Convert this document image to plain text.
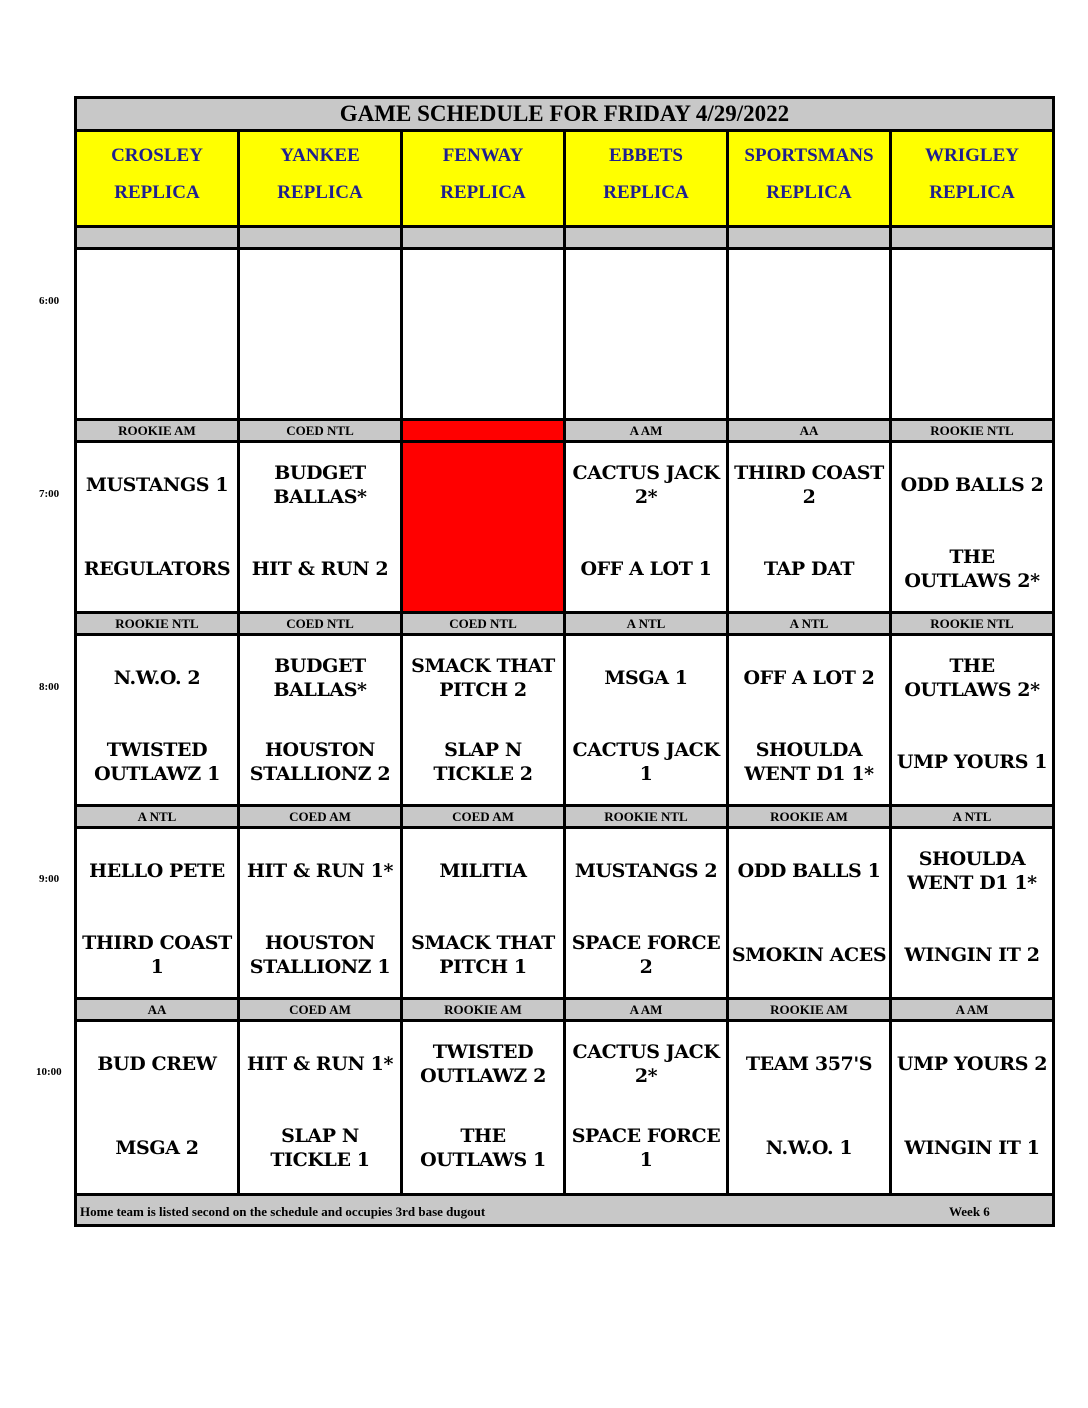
GAME SCHEDULE FOR FRIDAY 4/29/2022
CROSLEY
REPLICA
ROOKIE AM
MUSTANGS 1
REGULATORS
ROOKIE NTL
N.W.O. 2
TWISTED OUTLAWZ 1
A NTL
HELLO PETE
THIRD COAST 1
AA
BUD CREW
MSGA 2
YANKEE
REPLICA
COED NTL
BUDGET BALLAS*
HIT & RUN 2
COED NTL
BUDGET BALLAS*
HOUSTON STALLIONZ 2
COED AM
HIT & RUN 1*
HOUSTON STALLIONZ 1
COED AM
HIT & RUN 1*
SLAP N TICKLE 1
FENWAY
REPLICA
COED NTL
SMACK THAT PITCH 2
SLAP N TICKLE 2
COED AM
MILITIA
SMACK THAT PITCH 1
ROOKIE AM
TWISTED OUTLAWZ 2
THE OUTLAWS 1
EBBETS
REPLICA
A AM
CACTUS JACK 2*
OFF A LOT 1
A NTL
MSGA 1
CACTUS JACK 1
ROOKIE NTL
MUSTANGS 2
SPACE FORCE 2
A AM
CACTUS JACK 2*
SPACE FORCE 1
SPORTSMANS
REPLICA
AA
THIRD COAST 2
TAP DAT
A NTL
OFF A LOT 2
SHOULDA WENT D1 1*
ROOKIE AM
ODD BALLS 1
SMOKIN ACES
ROOKIE AM
TEAM 357'S
N.W.O. 1
WRIGLEY
REPLICA
ROOKIE NTL
ODD BALLS 2
THE OUTLAWS 2*
ROOKIE NTL
THE OUTLAWS 2*
UMP YOURS 1
A NTL
SHOULDA WENT D1 1*
WINGIN IT 2
A AM
UMP YOURS 2
WINGIN IT 1
Home team is listed second on the schedule and occupies 3rd base dugout	Week 6
6:00
7:00
8:00
9:00
10:00
